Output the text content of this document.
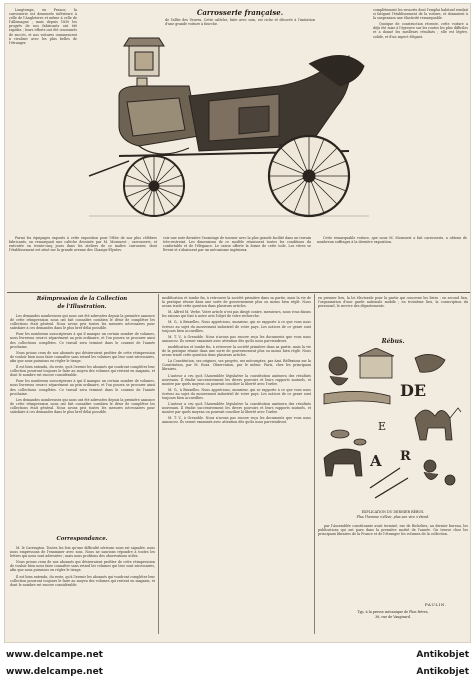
Carrosserie française.

Longtemps, en France, la carrosserie est demeurée inférieure à celle de l'Angleterre et même à celle de l'Allemagne ; mais depuis 1830 les progrès de nos fabricants ont été rapides ; leurs efforts ont été couronnés de succès, et nos voitures commencent à rivaliser avec les plus belles de l'étranger.

de l'allée des Veuves. Cette calèche, faite avec soin, est riche et décorée à l'imitation d'une grande voiture à fourche.

complètement les ressorts dont l'emploi habituel rendait si fatigant l'établissement de la voiture, et donnaient à la suspension une élasticité remarquable.

Quoique de construction récente, cette voiture a déjà été mise à l'épreuve sur les routes les plus difficiles et a donné les meilleurs résultats ; elle est légère, solide, et d'un aspect élégant.

Parmi les équipages exposés à cette exposition pour l'élite de nos plus célèbres fabricants, on remarquait une calèche dessinée par M. Mosnuest ; carrosserie, et exécutée en trente-cinq jours dans les ateliers de ce maître carrossier, dont l'établissement est situé sur la grande avenue des Champs-Élysées.

voir une note dernière l'avantage de tourner avec la plus grande facilité dans un terrain très-restreint. Les dimensions de ce modèle réunissent toutes les conditions du confortable et de l'élégance. Le caisse offerte la forme de cette toile. Les vitres se lèvent et s'abaissent par un mécanisme ingénieux.

Cette remarquable voiture, que nous M. Mosnuest a fait carrosserie, a obtenu de nombreux suffrages à la dernière exposition.

Réimpression de la Collection
de l'Illustration.

Les demandes nombreuses qui nous ont été adressées depuis la première annonce de cette réimpression nous ont fait connaître combien le désir de compléter les collections était général. Nous avons pris toutes les mesures nécessaires pour satisfaire à ces demandes dans le plus bref délai possible.

Pour les nombreux souscripteurs à qui il manque un certain nombre de volumes, nous livrerons ceux-ci séparément au prix ordinaire, et l'on pourra se procurer ainsi des collections complètes. Ce travail sera terminé dans le courant de l'année prochaine.

Nous prions ceux de nos abonnés qui désireraient profiter de cette réimpression de vouloir bien nous faire connaître sans retard les volumes qui leur sont nécessaires, afin que nous puissions en régler le tirage.

Il est bien entendu, du reste, qu'à l'avenir les abonnés qui voudront compléter leur collection pourront toujours le faire au moyen des volumes qui restent en magasin, et dont le nombre est encore considérable.

Pour les nombreux souscripteurs à qui il manque un certain nombre de volumes, nous livrerons ceux-ci séparément au prix ordinaire, et l'on pourra se procurer ainsi des collections complètes. Ce travail sera terminé dans le courant de l'année prochaine.

Les demandes nombreuses qui nous ont été adressées depuis la première annonce de cette réimpression nous ont fait connaître combien le désir de compléter les collections était général. Nous avons pris toutes les mesures nécessaires pour satisfaire à ces demandes dans le plus bref délai possible.

Correspondance.

M. le Carrington. Toutes les fois qu'une difficulté sérieuse nous est signalée, nous nous empressons de l'examiner avec soin. Nous ne saurions répondre à toutes les lettres qui nous sont adressées ; mais nous profitons des observations utiles.

Nous prions ceux de nos abonnés qui désireraient profiter de cette réimpression de vouloir bien nous faire connaître sans retard les volumes qui leur sont nécessaires, afin que nous puissions en régler le tirage.

Il est bien entendu, du reste, qu'à l'avenir les abonnés qui voudront compléter leur collection pourront toujours le faire au moyen des volumes qui restent en magasin, et dont le nombre est encore considérable.

modification et tombe fin, à retrouver la société primitive dans sa partie, mais la vie de la pratique réunie dans une sorte de gouvernement plus ou moins bien réglé. Nous avons traité cette question dans plusieurs articles.

M. Alfred M. Verbe. Votre article n'est pas dirigé contre, messieurs, nous vous disons les raisons qui font à notre avis l'objet de votre recherche.

M. G., à Bruxelles. Nous apprécions, monsieur, qui se rapporte à ce que vous nous écrivez au sujet du mouvement industriel de votre pays. Les notices de ce genre sont toujours bien accueillies.

M. T. V., à Grenoble. Nous n'avons pas encore reçu les documents que vous nous annoncez. Ils seront examinés avec attention dès qu'ils nous parviendront.

modification et tombe fin, à retrouver la société primitive dans sa partie, mais la vie de la pratique réunie dans une sorte de gouvernement plus ou moins bien réglé. Nous avons traité cette question dans plusieurs articles.

La Constitution, ses origines, ses progrès, ses mécomptes, par Ami. Réflexions sur la Constitution, par M. Rosa. Observation, par le même. Paris, chez les principaux libraires.

L'auteur a cru qu'à l'Assemblée législative la constitution amènera des résultats nouveaux. Il étudie successivement les divers pouvoirs et leurs rapports mutuels, et montre par quels moyens on pourrait concilier la liberté avec l'ordre.

M. G., à Bruxelles. Nous apprécions, monsieur, qui se rapporte à ce que vous nous écrivez au sujet du mouvement industriel de votre pays. Les notices de ce genre sont toujours bien accueillies.

L'auteur a cru qu'à l'Assemblée législative la constitution amènera des résultats nouveaux. Il étudie successivement les divers pouvoirs et leurs rapports mutuels, et montre par quels moyens on pourrait concilier la liberté avec l'ordre.

M. T. V., à Grenoble. Nous n'avons pas encore reçu les documents que vous nous annoncez. Ils seront examinés avec attention dès qu'ils nous parviendront.

en premier lieu, la loi électorale pour la partie qui concerne les listes ; en second lieu, l'organisation d'une garde nationale mobile ; en troisième lieu, la conscription du personnel, le service des départements.

Rébus.
DE
E
A R
EXPLICATION DU DERNIER RÉBUS.
Plus l'homme s'élève, plus son vice s'étend.

par l'Assemblée constituante avait terminé, rue de Richelieu, au dernier bureau, les publications qui ont paru dans la première moitié de l'année. On trouve chez les principaux libraires de la France et de l'étranger les volumes de la collection.

PAULIN.
Typ. à la presse mécanique de Plon frères,
36, rue de Vaugirard.
www.delcampe.net	Antikobjet
www.delcampe.net	Antikobjet
